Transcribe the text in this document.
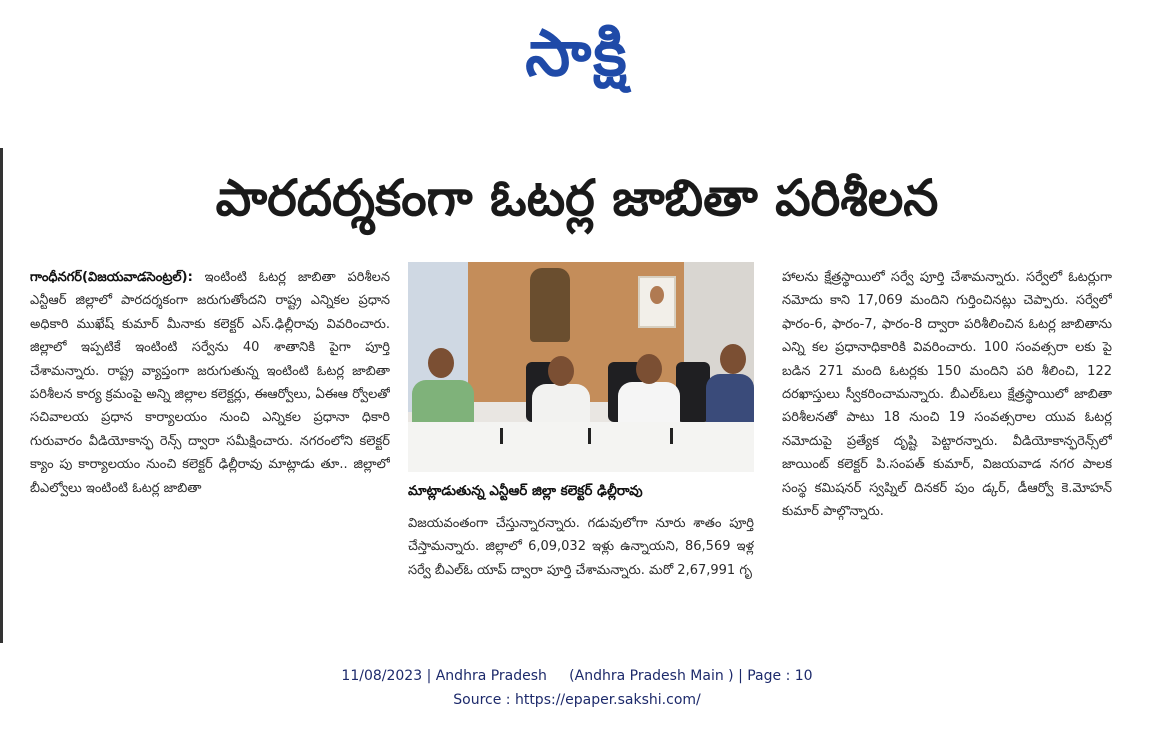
సాక్షి
పారదర్శకంగా ఓటర్ల జాబితా పరిశీలన

గాంధీనగర్(విజయవాడసెంట్రల్): ఇంటింటి ఓటర్ల జాబితా పరిశీలన ఎన్టీఆర్ జిల్లాలో పారదర్శకంగా జరుగుతోందని రాష్ట్ర ఎన్నికల ప్రధాన అధికారి ముఖేష్ కుమార్ మీనాకు కలెక్టర్ ఎస్.ఢిల్లీరావు వివరించారు. జిల్లాలో ఇప్పటికే ఇంటింటి సర్వేను 40 శాతానికి పైగా పూర్తి చేశామన్నారు. రాష్ట్ర వ్యాప్తంగా జరుగుతున్న ఇంటింటి ఓటర్ల జాబితా పరిశీలన కార్య క్రమంపై అన్ని జిల్లాల కలెక్టర్లు, ఈఆర్వోలు, ఏఈఆ ర్వోలతో సచివాలయ ప్రధాన కార్యాలయం నుంచి ఎన్నికల ప్రధానా ధికారి గురువారం వీడియోకాన్ఫ రెన్స్ ద్వారా సమీక్షించారు. నగరంలోని కలెక్టర్ క్యాం పు కార్యాలయం నుంచి కలెక్టర్ ఢిల్లీరావు మాట్లాడు తూ.. జిల్లాలో బీఎల్వోలు ఇంటింటి ఓటర్ల జాబితా	మాట్లాడుతున్న ఎన్టీఆర్ జిల్లా కలెక్టర్ ఢిల్లీరావు

విజయవంతంగా చేస్తున్నారన్నారు. గడువులోగా నూరు శాతం పూర్తి చేస్తామన్నారు. జిల్లాలో 6,09,032 ఇళ్లు ఉన్నాయని, 86,569 ఇళ్ల సర్వే బీఎల్ఓ యాప్ ద్వారా పూర్తి చేశామన్నారు. మరో 2,67,991 గృ

హాలను క్షేత్రస్థాయిలో సర్వే పూర్తి చేశామన్నారు. సర్వేలో ఓటర్లుగా నమోదు కాని 17,069 మందిని గుర్తించినట్లు చెప్పారు. సర్వేలో ఫారం-6, ఫారం-7, ఫారం-8 ద్వారా పరిశీలించిన ఓటర్ల జాబితాను ఎన్ని కల ప్రధానాధికారికి వివరించారు. 100 సంవత్సరా లకు పై బడిన 271 మంది ఓటర్లకు 150 మందిని పరి శీలించి, 122 దరఖాస్తులు స్వీకరించామన్నారు. బీఎల్ఓలు క్షేత్రస్థాయిలో జాబితా పరిశీలనతో పాటు 18 నుంచి 19 సంవత్సరాల యువ ఓటర్ల నమోదుపై ప్రత్యేక దృష్టి పెట్టారన్నారు. వీడియోకాన్ఫరెన్స్‌లో జాయింట్ కలెక్టర్ పి.సంపత్ కుమార్, విజయవాడ నగర పాలక సంస్థ కమిషనర్ స్వప్నిల్ దినకర్ పుం డ్కర్, డీఆర్వో కె.మోహన్ కుమార్ పాల్గొన్నారు.

11/08/2023 | Andhra Pradesh     (Andhra Pradesh Main ) | Page : 10
Source : https://epaper.sakshi.com/
